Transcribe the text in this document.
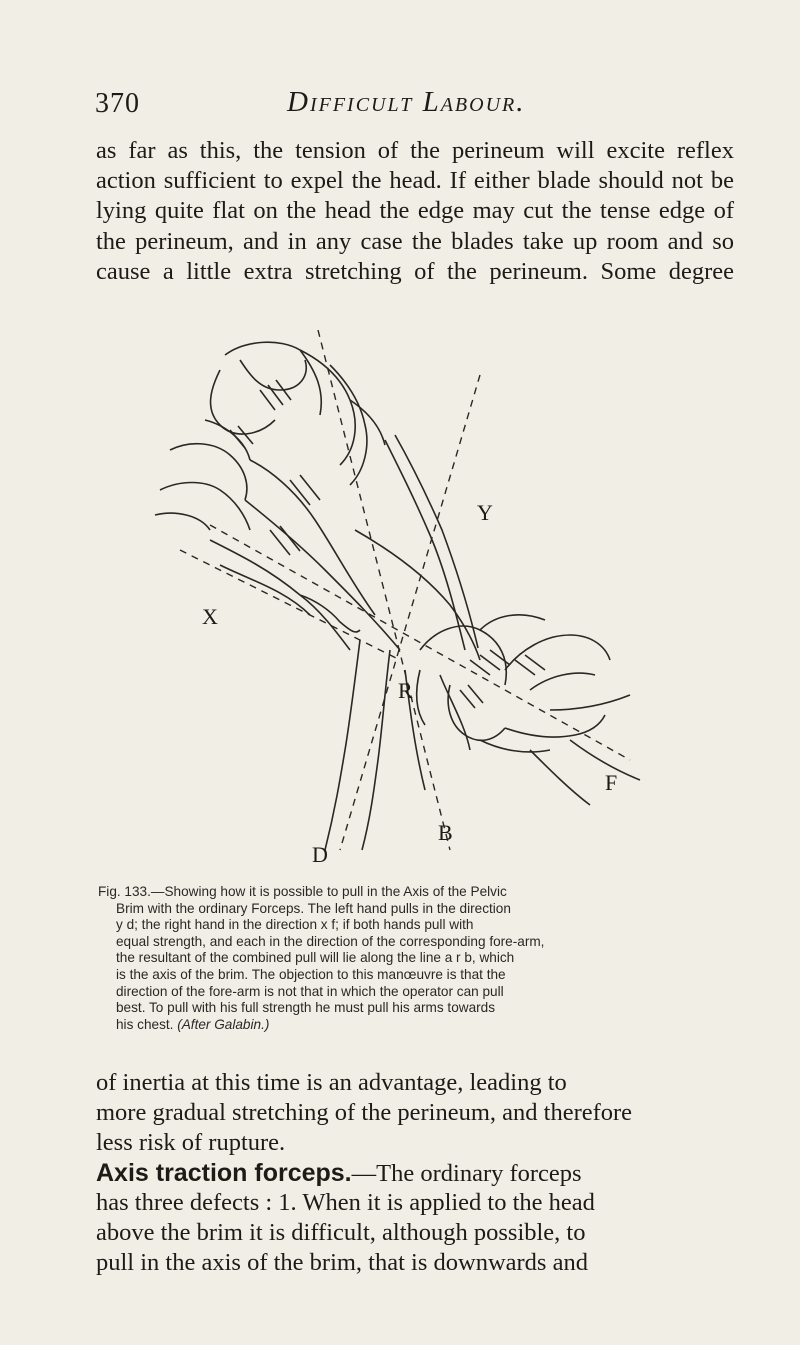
370	Difficult Labour.

as far as this, the tension of the perineum will excite reflex action sufficient to expel the head. If either blade should not be lying quite flat on the head the edge may cut the tense edge of the perineum, and in any case the blades take up room and so cause a little extra stretching of the perineum. Some degree

X
Y
D
R
B
F
Fig. 133.—Showing how it is possible to pull in the Axis of the Pelvic
Brim with the ordinary Forceps. The left hand pulls in the direction
y d; the right hand in the direction x f; if both hands pull with
equal strength, and each in the direction of the corresponding fore-arm,
the resultant of the combined pull will lie along the line a r b, which
is the axis of the brim. The objection to this manœuvre is that the
direction of the fore-arm is not that in which the operator can pull
best. To pull with his full strength he must pull his arms towards
his chest. (After Galabin.)

of inertia at this time is an advantage, leading to

more gradual stretching of the perineum, and therefore

less risk of rupture.

Axis traction forceps.—The ordinary forceps

has three defects : 1. When it is applied to the head

above the brim it is difficult, although possible, to

pull in the axis of the brim, that is downwards and
